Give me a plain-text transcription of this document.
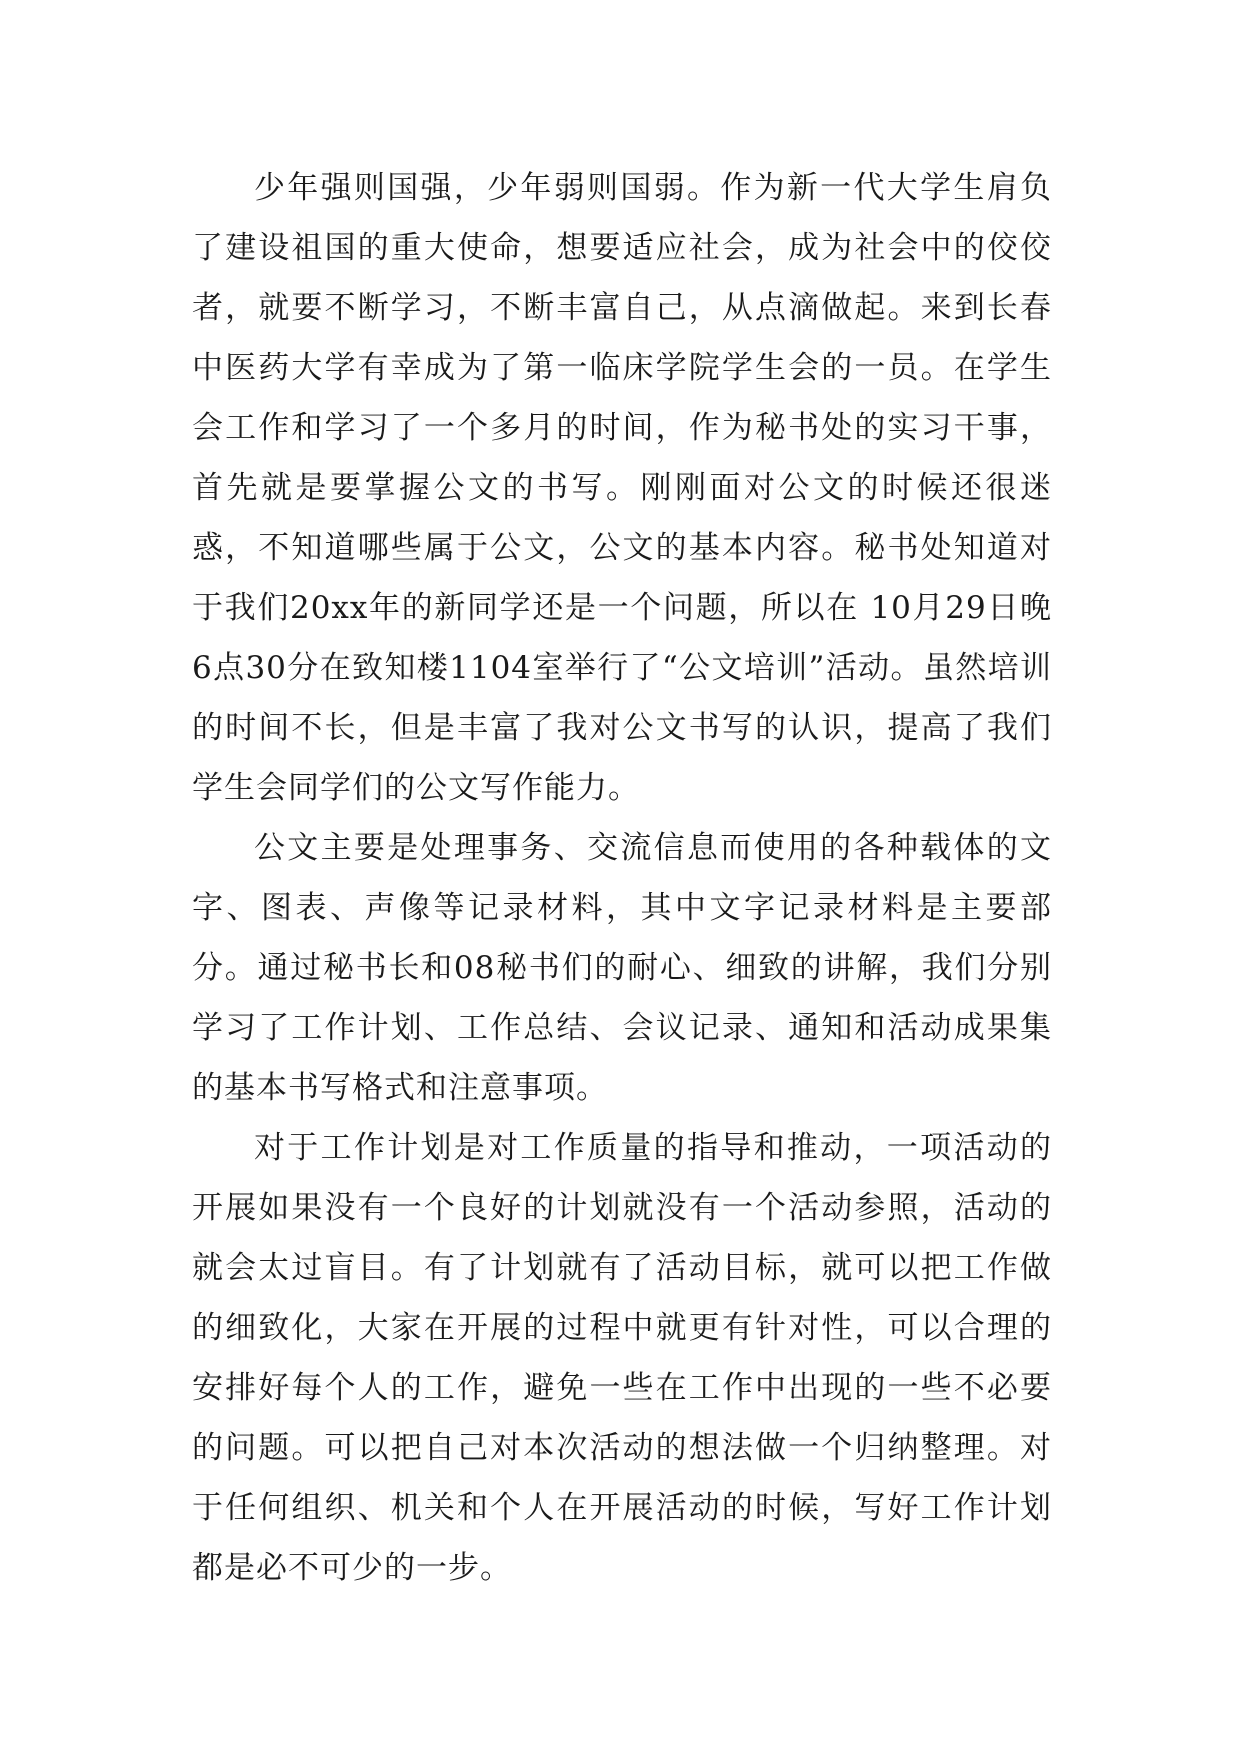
少年强则国强，少年弱则国弱。作为新一代大学生肩负了建设祖国的重大使命，想要适应社会，成为社会中的佼佼者，就要不断学习，不断丰富自己，从点滴做起。来到长春中医药大学有幸成为了第一临床学院学生会的一员。在学生会工作和学习了一个多月的时间，作为秘书处的实习干事，首先就是要掌握公文的书写。刚刚面对公文的时候还很迷惑，不知道哪些属于公文，公文的基本内容。秘书处知道对于我们20xx年的新同学还是一个问题，所以在 10月29日晚6点30分在致知楼1104室举行了“公文培训”活动。虽然培训的时间不长，但是丰富了我对公文书写的认识，提高了我们学生会同学们的公文写作能力。

公文主要是处理事务、交流信息而使用的各种载体的文字、图表、声像等记录材料，其中文字记录材料是主要部分。通过秘书长和08秘书们的耐心、细致的讲解，我们分别学习了工作计划、工作总结、会议记录、通知和活动成果集的基本书写格式和注意事项。

对于工作计划是对工作质量的指导和推动，一项活动的开展如果没有一个良好的计划就没有一个活动参照，活动的就会太过盲目。有了计划就有了活动目标，就可以把工作做的细致化，大家在开展的过程中就更有针对性，可以合理的安排好每个人的工作，避免一些在工作中出现的一些不必要的问题。可以把自己对本次活动的想法做一个归纳整理。对于任何组织、机关和个人在开展活动的时候，写好工作计划都是必不可少的一步。
